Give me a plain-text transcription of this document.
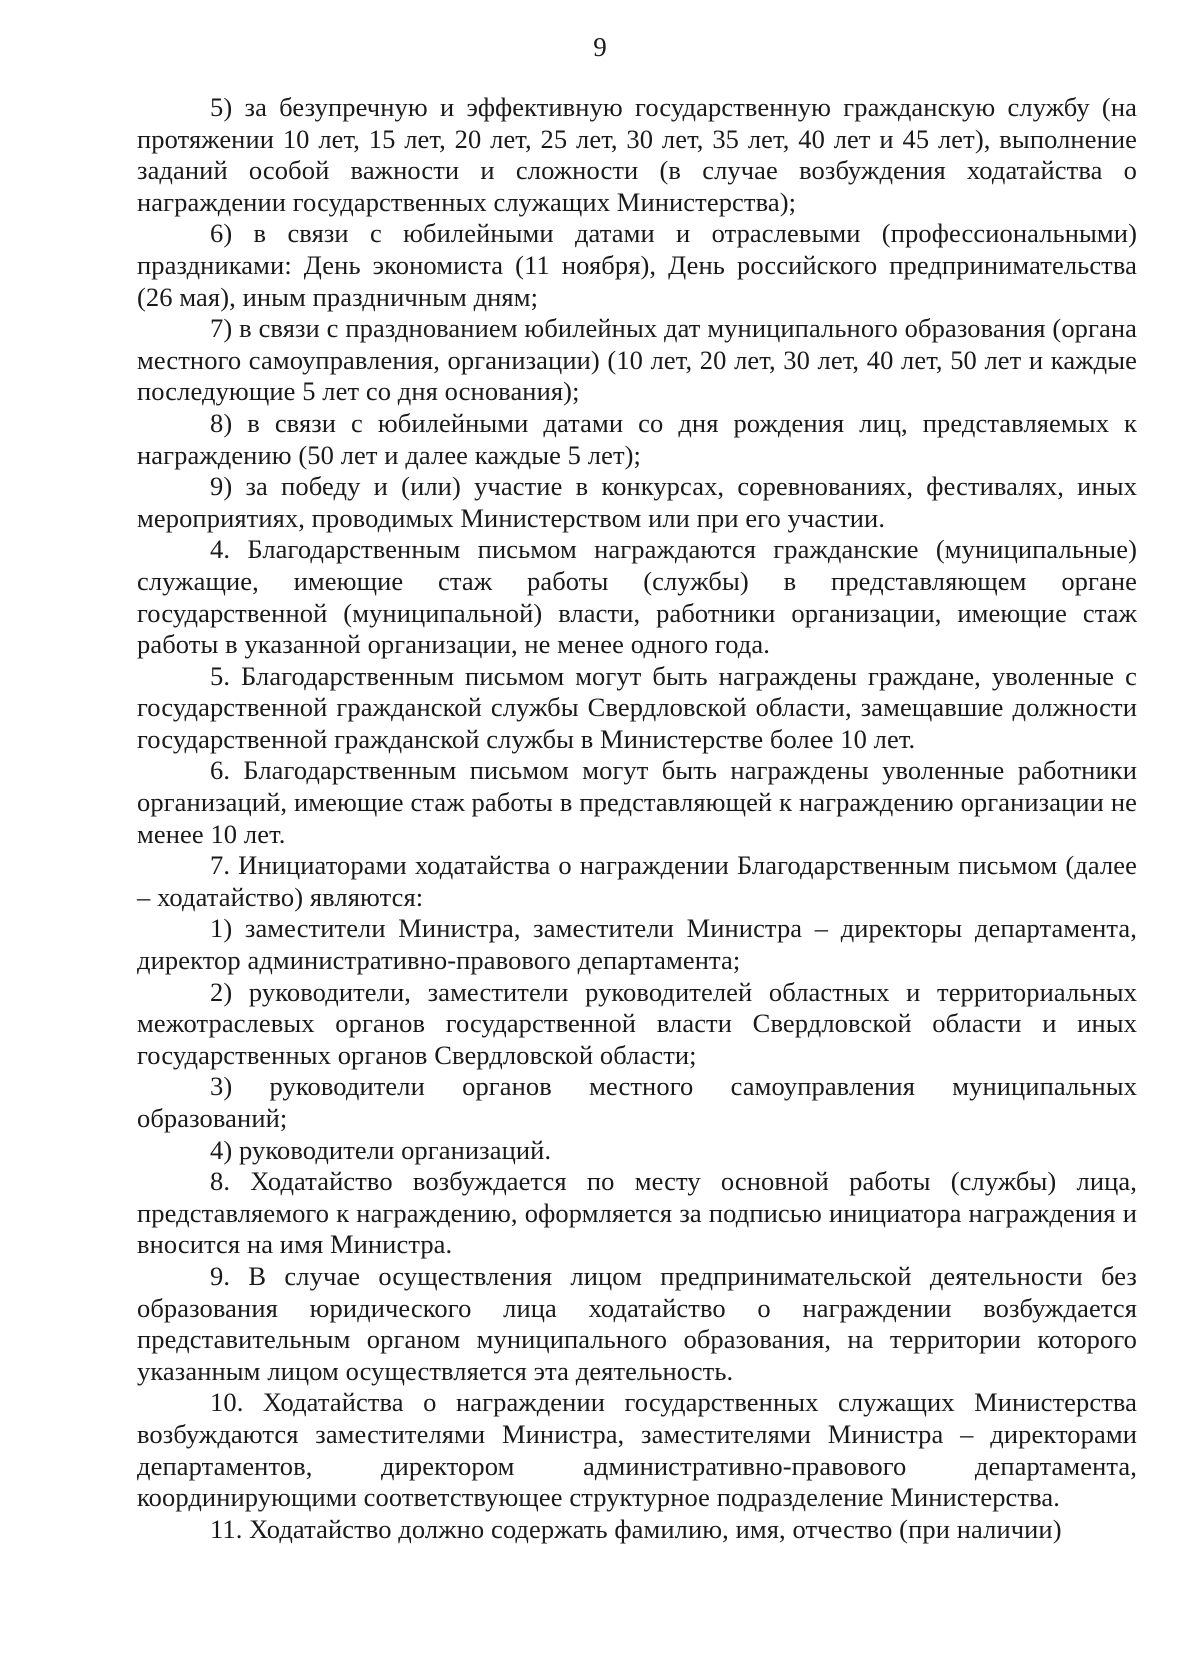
9

5) за безупречную и эффективную государственную гражданскую службу (на протяжении 10 лет, 15 лет, 20 лет, 25 лет, 30 лет, 35 лет, 40 лет и 45 лет), выполнение заданий особой важности и сложности (в случае возбуждения ходатайства о награждении государственных служащих Министерства);

6) в связи с юбилейными датами и отраслевыми (профессиональными) праздниками: День экономиста (11 ноября), День российского предпринимательства (26 мая), иным праздничным дням;

7) в связи с празднованием юбилейных дат муниципального образования (органа местного самоуправления, организации) (10 лет, 20 лет, 30 лет, 40 лет, 50 лет и каждые последующие 5 лет со дня основания);

8) в связи с юбилейными датами со дня рождения лиц, представляемых к награждению (50 лет и далее каждые 5 лет);

9) за победу и (или) участие в конкурсах, соревнованиях, фестивалях, иных мероприятиях, проводимых Министерством или при его участии.

4. Благодарственным письмом награждаются гражданские (муниципальные) служащие, имеющие стаж работы (службы) в представляющем органе государственной (муниципальной) власти, работники организации, имеющие стаж работы в указанной организации, не менее одного года.

5. Благодарственным письмом могут быть награждены граждане, уволенные с государственной гражданской службы Свердловской области, замещавшие должности государственной гражданской службы в Министерстве более 10 лет.

6. Благодарственным письмом могут быть награждены уволенные работники организаций, имеющие стаж работы в представляющей к награждению организации не менее 10 лет.

7. Инициаторами ходатайства о награждении Благодарственным письмом (далее – ходатайство) являются:

1) заместители Министра, заместители Министра – директоры департамента, директор административно-правового департамента;

2) руководители, заместители руководителей областных и территориальных межотраслевых органов государственной власти Свердловской области и иных государственных органов Свердловской области;

3) руководители органов местного самоуправления муниципальных образований;

4) руководители организаций.

8. Ходатайство возбуждается по месту основной работы (службы) лица, представляемого к награждению, оформляется за подписью инициатора награждения и вносится на имя Министра.

9. В случае осуществления лицом предпринимательской деятельности без образования юридического лица ходатайство о награждении возбуждается представительным органом муниципального образования, на территории которого указанным лицом осуществляется эта деятельность.

10. Ходатайства о награждении государственных служащих Министерства возбуждаются заместителями Министра, заместителями Министра – директорами департаментов, директором административно-правового департамента, координирующими соответствующее структурное подразделение Министерства.

11. Ходатайство должно содержать фамилию, имя, отчество (при наличии)
